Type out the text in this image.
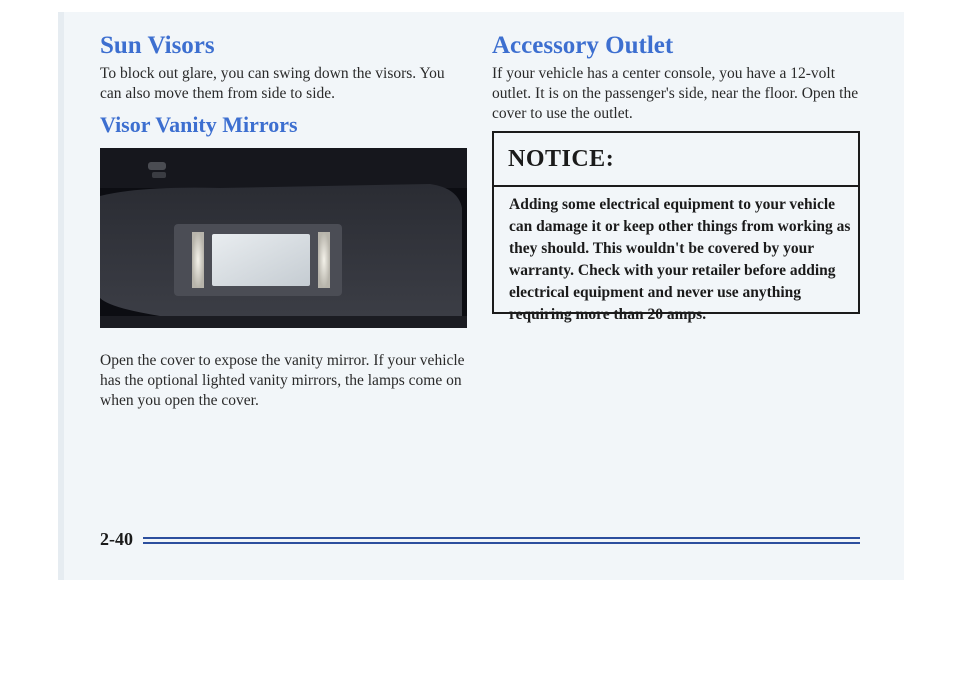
Sun Visors

To block out glare, you can swing down the visors. You can also move them from side to side.

Visor Vanity Mirrors

Open the cover to expose the vanity mirror. If your vehicle has the optional lighted vanity mirrors, the lamps come on when you open the cover.

Accessory Outlet

If your vehicle has a center console, you have a 12-volt outlet. It is on the passenger's side, near the floor. Open the cover to use the outlet.

NOTICE:

Adding some electrical equipment to your vehicle can damage it or keep other things from working as they should. This wouldn't be covered by your warranty. Check with your retailer before adding electrical equipment and never use anything requiring more than 20 amps.

2-40
